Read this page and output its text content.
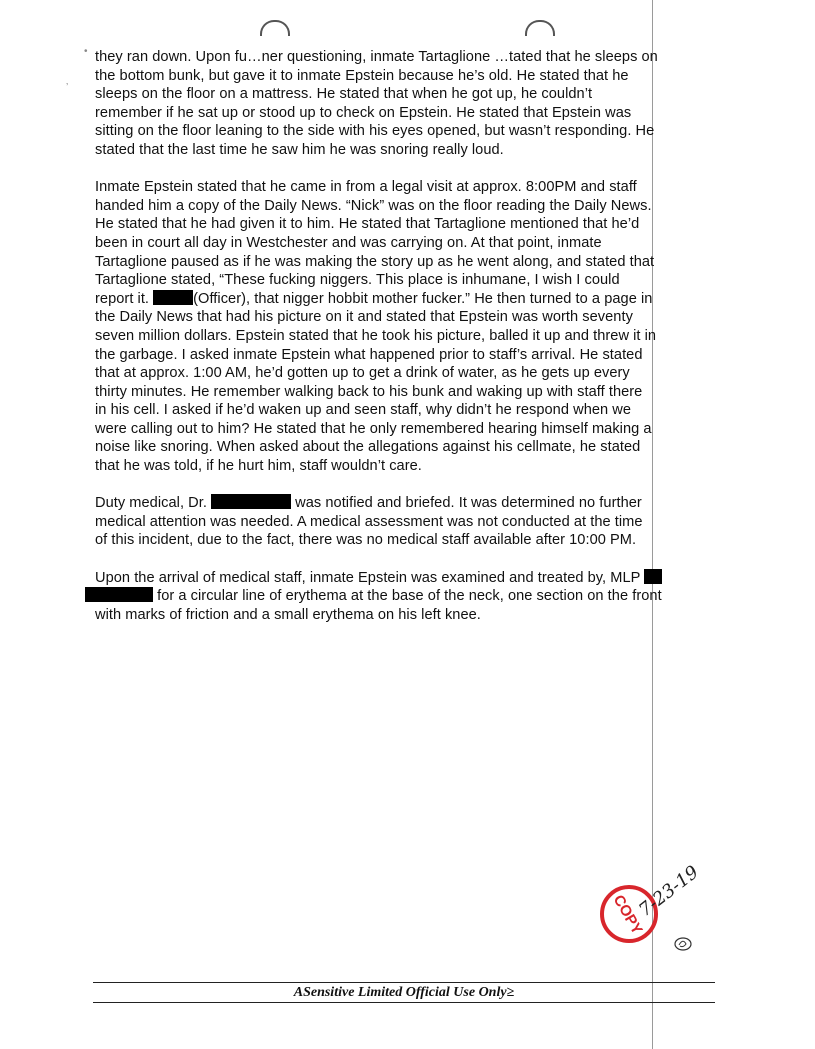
•
’

they ran down. Upon fu…ner questioning, inmate Tartaglione …tated that he sleeps on
the bottom bunk, but gave it to inmate Epstein because he’s old. He stated that he
sleeps on the floor on a mattress. He stated that when he got up, he couldn’t
remember if he sat up or stood up to check on Epstein. He stated that Epstein was
sitting on the floor leaning to the side with his eyes opened, but wasn’t responding. He
stated that the last time he saw him he was snoring really loud.

Inmate Epstein stated that he came in from a legal visit at approx. 8:00PM and staff
handed him a copy of the Daily News. “Nick” was on the floor reading the Daily News.
He stated that he had given it to him. He stated that Tartaglione mentioned that he’d
been in court all day in Westchester and was carrying on. At that point, inmate
Tartaglione paused as if he was making the story up as he went along, and stated that
Tartaglione stated, “These fucking niggers. This place is inhumane, I wish I could
report it.	(Officer), that nigger hobbit mother fucker.” He then turned to a page in
the Daily News that had his picture on it and stated that Epstein was worth seventy
seven million dollars. Epstein stated that he took his picture, balled it up and threw it in
the garbage. I asked inmate Epstein what happened prior to staff’s arrival. He stated
that at approx. 1:00 AM, he’d gotten up to get a drink of water, as he gets up every
thirty minutes. He remember walking back to his bunk and waking up with staff there
in his cell. I asked if he’d waken up and seen staff, why didn’t he respond when we
were calling out to him? He stated that he only remembered hearing himself making a
noise like snoring. When asked about the allegations against his cellmate, he stated
that he was told, if he hurt him, staff wouldn’t care.

Duty medical, Dr.	was notified and briefed. It was determined no further
medical attention was needed. A medical assessment was not conducted at the time
of this incident, due to the fact, there was no medical staff available after 10:00 PM.

Upon the arrival of medical staff, inmate Epstein was examined and treated by, MLP
for a circular line of erythema at the base of the neck, one section on the front
with marks of friction and a small erythema on his left knee.

COPY
7-23-19
ASensitive Limited Official Use Only≥
